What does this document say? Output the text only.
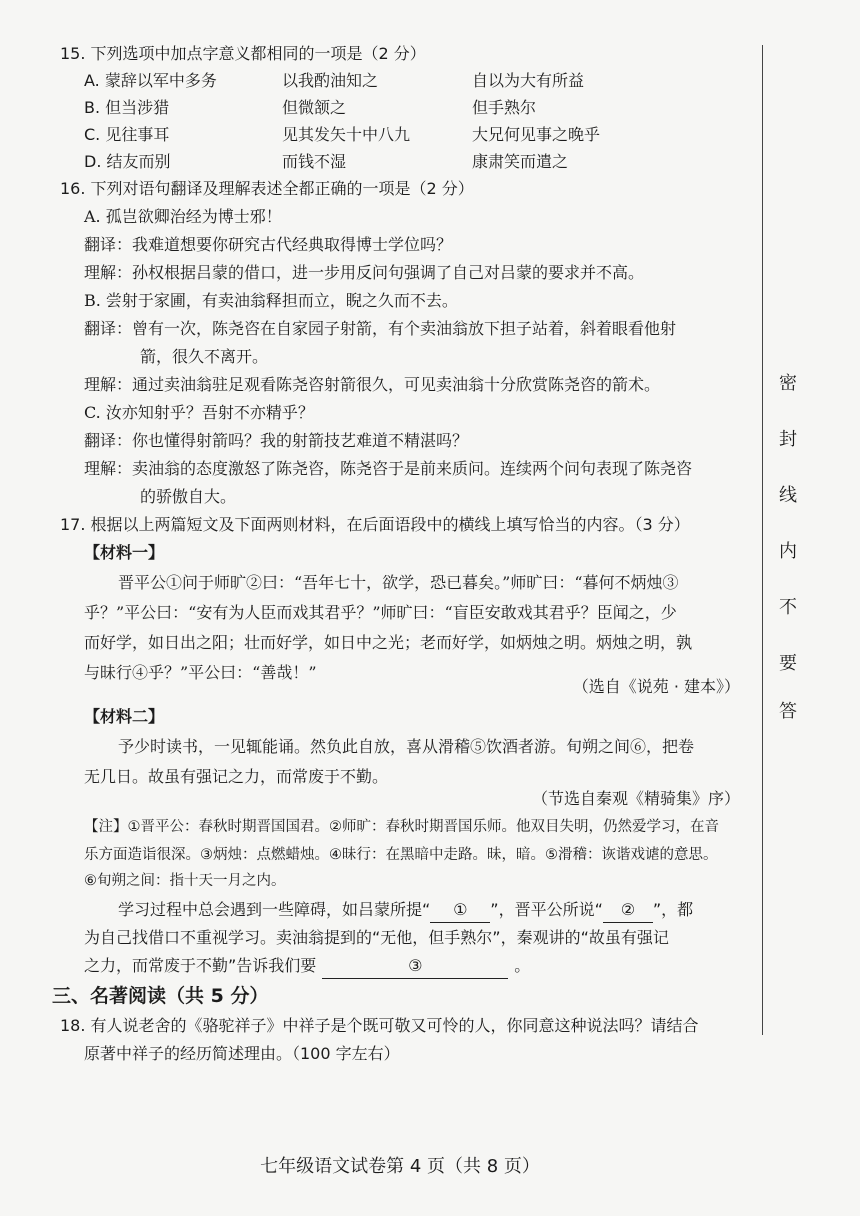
15. 下列选项中加点字意义都相同的一项是（2 分）
A. 蒙辞以军中多务	以我酌油知之	自以为大有所益
B. 但当涉猎	但微颔之	但手熟尔
C. 见往事耳	见其发矢十中八九	大兄何见事之晚乎
D. 结友而别	而钱不湿	康肃笑而遣之
16. 下列对语句翻译及理解表述全都正确的一项是（2 分）
A. 孤岂欲卿治经为博士邪！
翻译：我难道想要你研究古代经典取得博士学位吗？
理解：孙权根据吕蒙的借口，进一步用反问句强调了自己对吕蒙的要求并不高。
B. 尝射于家圃，有卖油翁释担而立，睨之久而不去。
翻译：曾有一次，陈尧咨在自家园子射箭，有个卖油翁放下担子站着，斜着眼看他射
箭，很久不离开。
理解：通过卖油翁驻足观看陈尧咨射箭很久，可见卖油翁十分欣赏陈尧咨的箭术。
C. 汝亦知射乎？吾射不亦精乎？
翻译：你也懂得射箭吗？我的射箭技艺难道不精湛吗？
理解：卖油翁的态度激怒了陈尧咨，陈尧咨于是前来质问。连续两个问句表现了陈尧咨
的骄傲自大。
17. 根据以上两篇短文及下面两则材料，在后面语段中的横线上填写恰当的内容。（3 分）
【材料一】
晋平公①问于师旷②曰：“吾年七十，欲学，恐已暮矣。”师旷曰：“暮何不炳烛③
乎？”平公曰：“安有为人臣而戏其君乎？”师旷曰：“盲臣安敢戏其君乎？臣闻之，少
而好学，如日出之阳；壮而好学，如日中之光；老而好学，如炳烛之明。炳烛之明，孰
与昧行④乎？”平公曰：“善哉！”
（选自《说苑 · 建本》）
【材料二】
予少时读书，一见辄能诵。然负此自放，喜从滑稽⑤饮酒者游。旬朔之间⑥，把卷
无几日。故虽有强记之力，而常废于不勤。
（节选自秦观《精骑集》序）
【注】①晋平公：春秋时期晋国国君。②师旷：春秋时期晋国乐师。他双目失明，仍然爱学习，在音
乐方面造诣很深。③炳烛：点燃蜡烛。④昧行：在黑暗中走路。昧，暗。⑤滑稽：诙谐戏谑的意思。
⑥旬朔之间：指十天一月之内。
学习过程中总会遇到一些障碍，如吕蒙所提“ ① ”，晋平公所说“ ② ”，都
为自己找借口不重视学习。卖油翁提到的“无他，但手熟尔”，秦观讲的“故虽有强记
之力，而常废于不勤”告诉我们要	③	。
三、名著阅读（共 5 分）
18. 有人说老舍的《骆驼祥子》中祥子是个既可敬又可怜的人，你同意这种说法吗？请结合
原著中祥子的经历简述理由。（100 字左右）
密
封
线
内
不
要
答
七年级语文试卷第 4 页（共 8 页）
